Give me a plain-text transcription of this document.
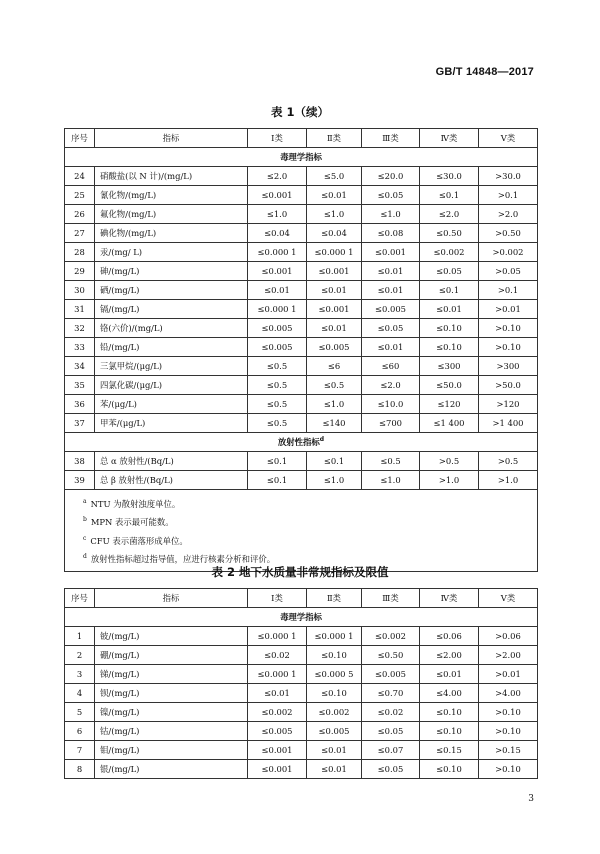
GB/T 14848—2017
表 1（续）
序号	指标	Ⅰ类	Ⅱ类	Ⅲ类	Ⅳ类	Ⅴ类
毒理学指标						
24	硝酸盐(以 N 计)/(mg/L)	≤2.0	≤5.0	≤20.0	≤30.0	>30.0
25	氰化物/(mg/L)	≤0.001	≤0.01	≤0.05	≤0.1	>0.1
26	氟化物/(mg/L)	≤1.0	≤1.0	≤1.0	≤2.0	>2.0
27	碘化物/(mg/L)	≤0.04	≤0.04	≤0.08	≤0.50	>0.50
28	汞/(mg/ L)	≤0.000 1	≤0.000 1	≤0.001	≤0.002	>0.002
29	砷/(mg/L)	≤0.001	≤0.001	≤0.01	≤0.05	>0.05
30	硒/(mg/L)	≤0.01	≤0.01	≤0.01	≤0.1	>0.1
31	镉/(mg/L)	≤0.000 1	≤0.001	≤0.005	≤0.01	>0.01
32	铬(六价)/(mg/L)	≤0.005	≤0.01	≤0.05	≤0.10	>0.10
33	铅/(mg/L)	≤0.005	≤0.005	≤0.01	≤0.10	>0.10
34	三氯甲烷/(μg/L)	≤0.5	≤6	≤60	≤300	>300
35	四氯化碳/(μg/L)	≤0.5	≤0.5	≤2.0	≤50.0	>50.0
36	苯/(μg/L)	≤0.5	≤1.0	≤10.0	≤120	>120
37	甲苯/(μg/L)	≤0.5	≤140	≤700	≤1 400	>1 400
放射性指标$^d$
38	总 α 放射性/(Bq/L)	≤0.1	≤0.1	≤0.5	>0.5	>0.5
39	总 β 放射性/(Bq/L)	≤0.1	≤1.0	≤1.0	>1.0	>1.0

$^a$ NTU 为散射浊度单位。
$^b$ MPN 表示最可能数。
$^c$ CFU 表示菌落形成单位。
$^d$ 放射性指标超过指导值，应进行核素分析和评价。						
表 2 地下水质量非常规指标及限值
序号	指标	Ⅰ类	Ⅱ类	Ⅲ类	Ⅳ类	Ⅴ类
毒理学指标						
1	铍/(mg/L)	≤0.000 1	≤0.000 1	≤0.002	≤0.06	>0.06
2	硼/(mg/L)	≤0.02	≤0.10	≤0.50	≤2.00	>2.00
3	锑/(mg/L)	≤0.000 1	≤0.000 5	≤0.005	≤0.01	>0.01
4	钡/(mg/L)	≤0.01	≤0.10	≤0.70	≤4.00	>4.00
5	镍/(mg/L)	≤0.002	≤0.002	≤0.02	≤0.10	>0.10
6	钴/(mg/L)	≤0.005	≤0.005	≤0.05	≤0.10	>0.10
7	钼/(mg/L)	≤0.001	≤0.01	≤0.07	≤0.15	>0.15
8	银/(mg/L)	≤0.001	≤0.01	≤0.05	≤0.10	>0.10
3
